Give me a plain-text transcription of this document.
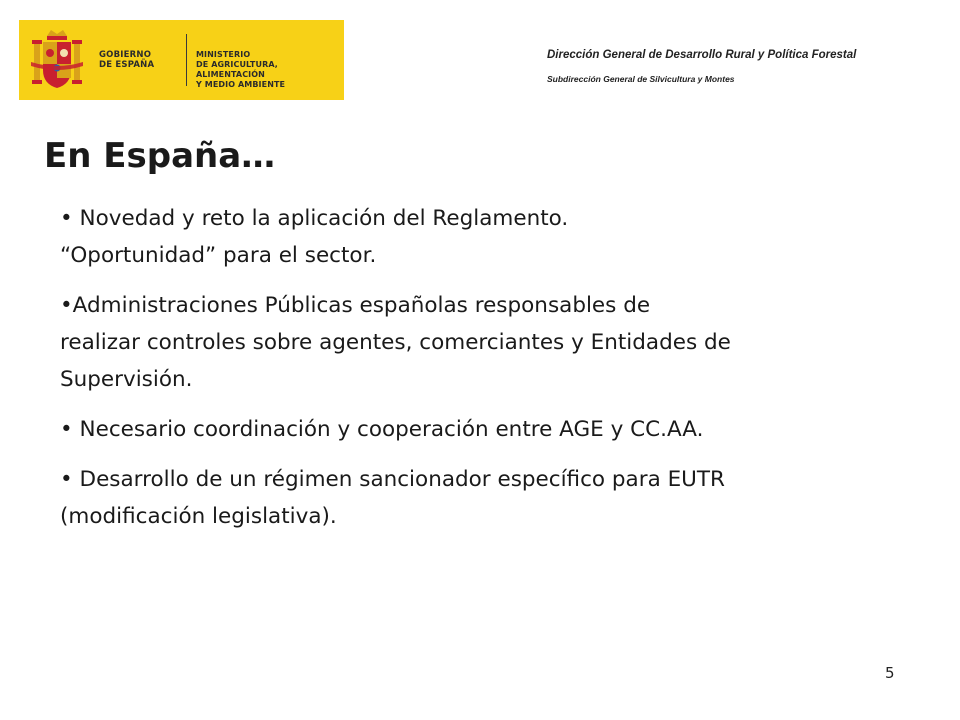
GOBIERNO
DE ESPAÑA
MINISTERIO
DE AGRICULTURA, ALIMENTACIÓN
Y MEDIO AMBIENTE
Dirección General de Desarrollo Rural y Política Forestal
Subdirección General de Silvicultura y Montes
En España…
• Novedad y reto la aplicación del Reglamento.
“Oportunidad” para el sector.
•Administraciones Públicas españolas responsables de
realizar controles sobre agentes, comerciantes y Entidades de
Supervisión.
• Necesario coordinación y cooperación entre AGE y CC.AA.
• Desarrollo de un régimen sancionador específico para EUTR
(modificación legislativa).
5
